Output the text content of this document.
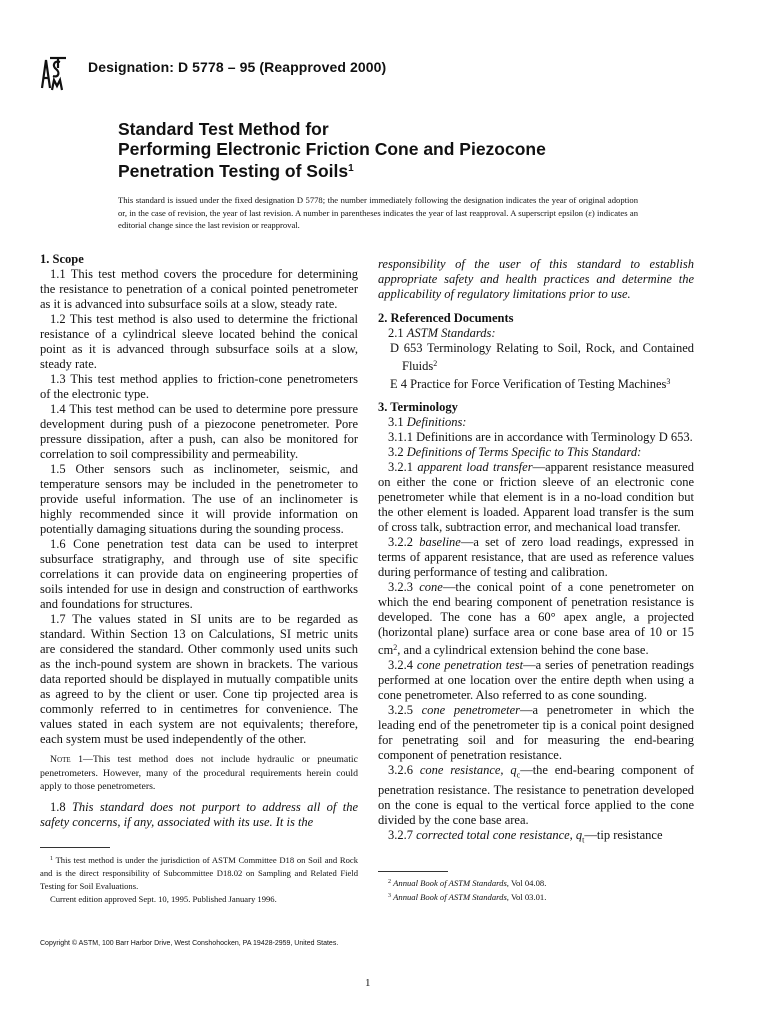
Designation: D 5778 – 95 (Reapproved 2000)
Standard Test Method for
Performing Electronic Friction Cone and Piezocone
Penetration Testing of Soils$^1$
This standard is issued under the fixed designation D 5778; the number immediately following the designation indicates the year of original adoption or, in the case of revision, the year of last revision. A number in parentheses indicates the year of last reapproval. A superscript epsilon (ε) indicates an editorial change since the last revision or reapproval.

1. Scope

1.1 This test method covers the procedure for determining the resistance to penetration of a conical pointed penetrometer as it is advanced into subsurface soils at a slow, steady rate.

1.2 This test method is also used to determine the frictional resistance of a cylindrical sleeve located behind the conical point as it is advanced through subsurface soils at a slow, steady rate.

1.3 This test method applies to friction-cone penetrometers of the electronic type.

1.4 This test method can be used to determine pore pressure development during push of a piezocone penetrometer. Pore pressure dissipation, after a push, can also be monitored for correlation to soil compressibility and permeability.

1.5 Other sensors such as inclinometer, seismic, and temperature sensors may be included in the penetrometer to provide useful information. The use of an inclinometer is highly recommended since it will provide information on potentially damaging situations during the sounding process.

1.6 Cone penetration test data can be used to interpret subsurface stratigraphy, and through use of site specific correlations it can provide data on engineering properties of soils intended for use in design and construction of earthworks and foundations for structures.

1.7 The values stated in SI units are to be regarded as standard. Within Section 13 on Calculations, SI metric units are considered the standard. Other commonly used units such as the inch-pound system are shown in brackets. The various data reported should be displayed in mutually compatible units as agreed to by the client or user. Cone tip projected area is commonly referred to in centimetres for convenience. The values stated in each system are not equivalents; therefore, each system must be used independently of the other.

Note 1—This test method does not include hydraulic or pneumatic penetrometers. However, many of the procedural requirements herein could apply to those penetrometers.

1.8 This standard does not purport to address all of the safety concerns, if any, associated with its use. It is the

$^1$ This test method is under the jurisdiction of ASTM Committee D18 on Soil and Rock and is the direct responsibility of Subcommittee D18.02 on Sampling and Related Field Testing for Soil Evaluations.
Current edition approved Sept. 10, 1995. Published January 1996.

responsibility of the user of this standard to establish appropriate safety and health practices and determine the applicability of regulatory limitations prior to use.

2. Referenced Documents

2.1 ASTM Standards:

D 653 Terminology Relating to Soil, Rock, and Contained Fluids$^2$

E 4 Practice for Force Verification of Testing Machines$^3$

3. Terminology

3.1 Definitions:

3.1.1 Definitions are in accordance with Terminology D 653.

3.2 Definitions of Terms Specific to This Standard:

3.2.1 apparent load transfer—apparent resistance measured on either the cone or friction sleeve of an electronic cone penetrometer while that element is in a no-load condition but the other element is loaded. Apparent load transfer is the sum of cross talk, subtraction error, and mechanical load transfer.

3.2.2 baseline—a set of zero load readings, expressed in terms of apparent resistance, that are used as reference values during performance of testing and calibration.

3.2.3 cone—the conical point of a cone penetrometer on which the end bearing component of penetration resistance is developed. The cone has a 60° apex angle, a projected (horizontal plane) surface area or cone base area of 10 or 15 $cm^2$, and a cylindrical extension behind the cone base.

3.2.4 cone penetration test—a series of penetration readings performed at one location over the entire depth when using a cone penetrometer. Also referred to as cone sounding.

3.2.5 cone penetrometer—a penetrometer in which the leading end of the penetrometer tip is a conical point designed for penetrating soil and for measuring the end-bearing component of penetration resistance.

3.2.6 cone resistance, $q_c—the$ end-bearing component of penetration resistance. The resistance to penetration developed on the cone is equal to the vertical force applied to the cone divided by the cone base area.

3.2.7 corrected total cone resistance, $q_t—tip$ resistance

$^2$ Annual Book of ASTM Standards, Vol 04.08.
$^3$ Annual Book of ASTM Standards, Vol 03.01.
Copyright © ASTM, 100 Barr Harbor Drive, West Conshohocken, PA 19428-2959, United States.
1
